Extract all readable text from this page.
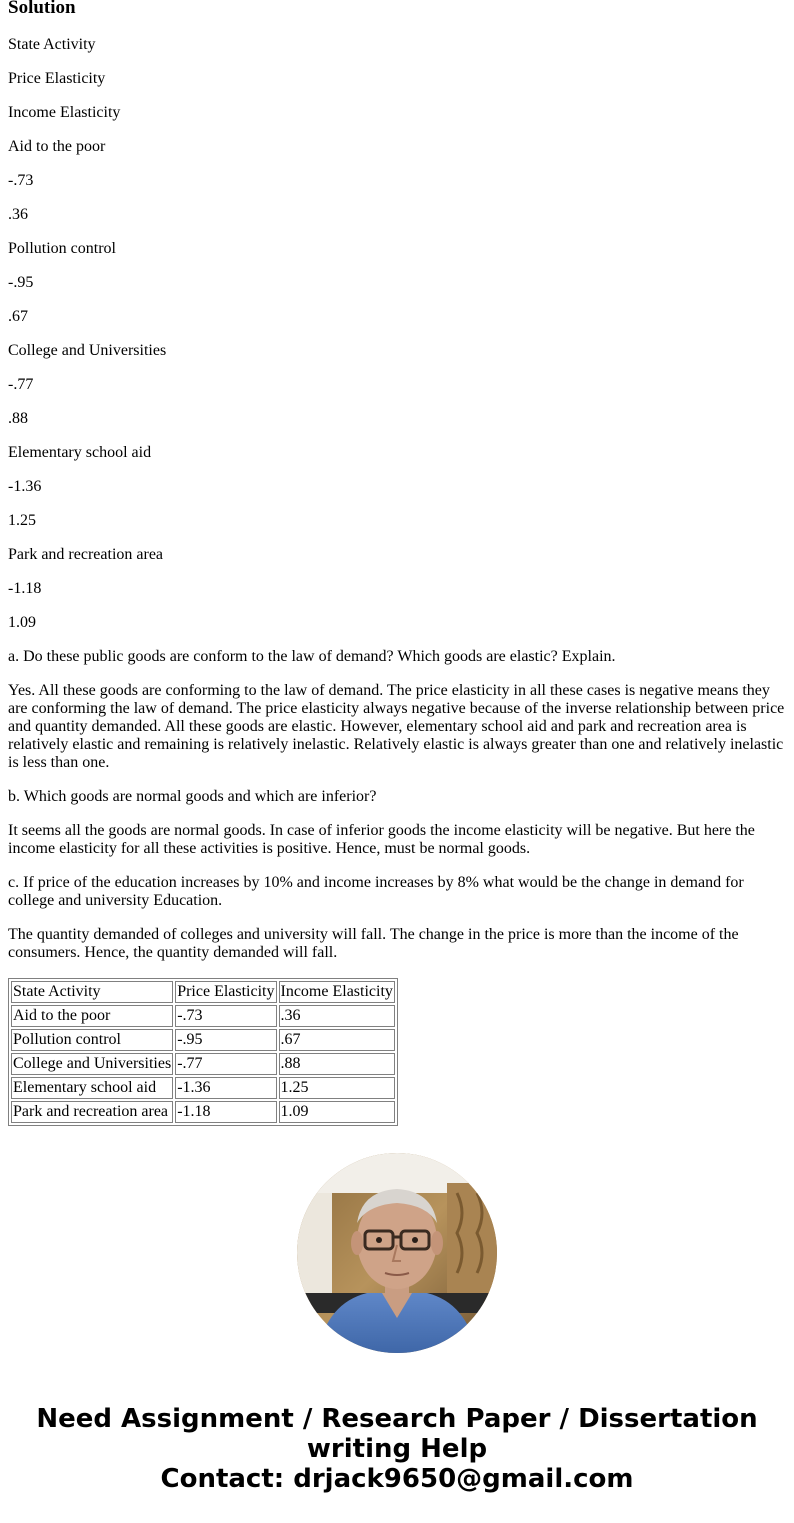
Solution

State Activity

Price Elasticity

Income Elasticity

Aid to the poor

-.73

.36

Pollution control

-.95

.67

College and Universities

-.77

.88

Elementary school aid

-1.36

1.25

Park and recreation area

-1.18

1.09

a. Do these public goods are conform to the law of demand? Which goods are elastic? Explain.

Yes. All these goods are conforming to the law of demand. The price elasticity in all these cases is negative means they are conforming the law of demand. The price elasticity always negative because of the inverse relationship between price and quantity demanded. All these goods are elastic. However, elementary school aid and park and recreation area is relatively elastic and remaining is relatively inelastic. Relatively elastic is always greater than one and relatively inelastic is less than one.

b. Which goods are normal goods and which are inferior?

It seems all the goods are normal goods. In case of inferior goods the income elasticity will be negative. But here the income elasticity for all these activities is positive. Hence, must be normal goods.

c. If price of the education increases by 10% and income increases by 8% what would be the change in demand for college and university Education.

The quantity demanded of colleges and university will fall. The change in the price is more than the income of the consumers. Hence, the quantity demanded will fall.

State Activity	Price Elasticity	Income Elasticity
Aid to the poor	-.73	.36
Pollution control	-.95	.67
College and Universities	-.77	.88
Elementary school aid	-1.36	1.25
Park and recreation area	-1.18	1.09
Need Assignment / Research Paper / Dissertation
writing Help
Contact: drjack9650@gmail.com
